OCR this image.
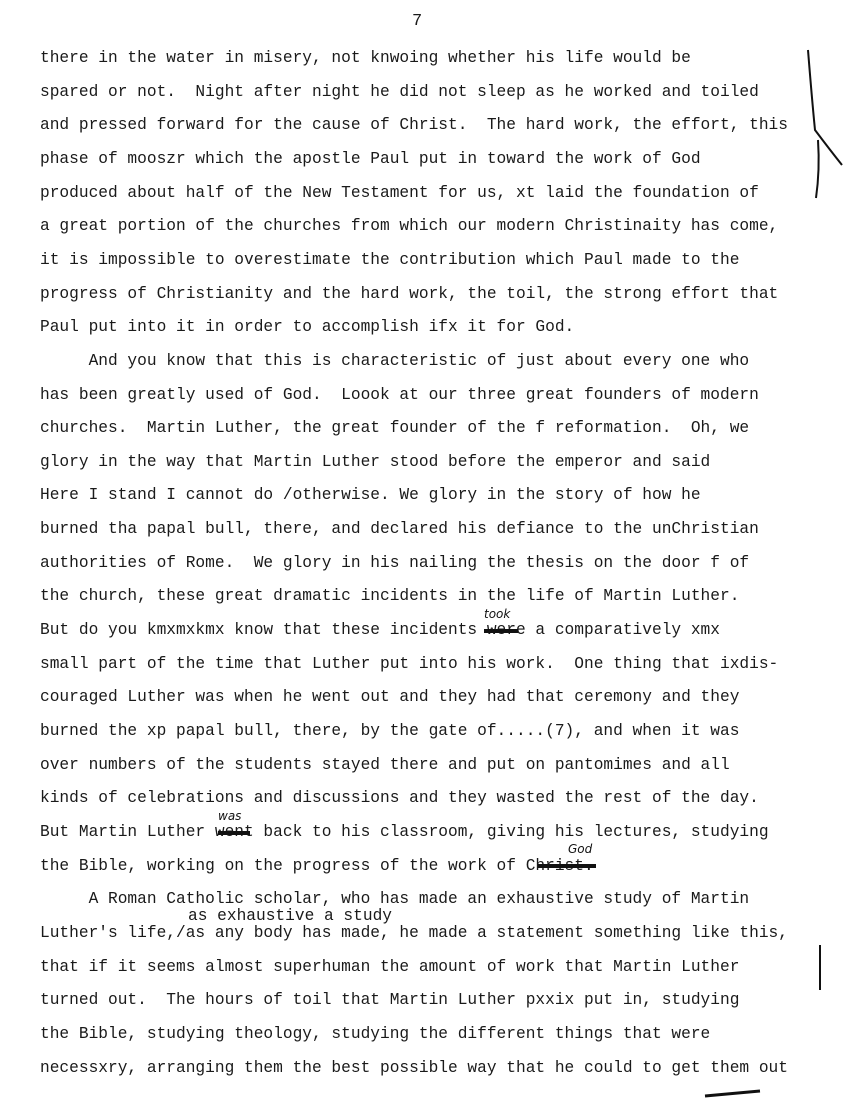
7
there in the water in misery, not knwoing whether his life would be
spared or not.  Night after night he did not sleep as he worked and toiled
and pressed forward for the cause of Christ.  The hard work, the effort, this
phase of mooszr which the apostle Paul put in toward the work of God
produced about half of the New Testament for us, xt laid the foundation of
a great portion of the churches from which our modern Christinaity has come,
it is impossible to overestimate the contribution which Paul made to the
progress of Christianity and the hard work, the toil, the strong effort that
Paul put into it in order to accomplish ifx it for God.
And you know that this is characteristic of just about every one who
has been greatly used of God.  Loook at our three great founders of modern
churches.  Martin Luther, the great founder of the f reformation.  Oh, we
glory in the way that Martin Luther stood before the emperor and said
Here I stand I cannot do /otherwise. We glory in the story of how he
burned tha papal bull, there, and declared his defiance to the unChristian
authorities of Rome.  We glory in his nailing the thesis on the door f of
the church, these great dramatic incidents in the life of Martin Luther.
But do you kmxmxkmx know that these incidents were a comparatively xmx
small part of the time that Luther put into his work.  One thing that ixdis-
couraged Luther was when he went out and they had that ceremony and they
burned the xp papal bull, there, by the gate of.....(7), and when it was
over numbers of the students stayed there and put on pantomimes and all
kinds of celebrations and discussions and they wasted the rest of the day.
But Martin Luther went back to his classroom, giving his lectures, studying
the Bible, working on the progress of the work of Christ.
A Roman Catholic scholar, who has made an exhaustive study of Martin
Luther's life,/as any body has made, he made a statement something like this,
that if it seems almost superhuman the amount of work that Martin Luther
turned out.  The hours of toil that Martin Luther pxxix put in, studying
the Bible, studying theology, studying the different things that were
necessxry, arranging them the best possible way that he could to get them out
as exhaustive a study
took
was
God
